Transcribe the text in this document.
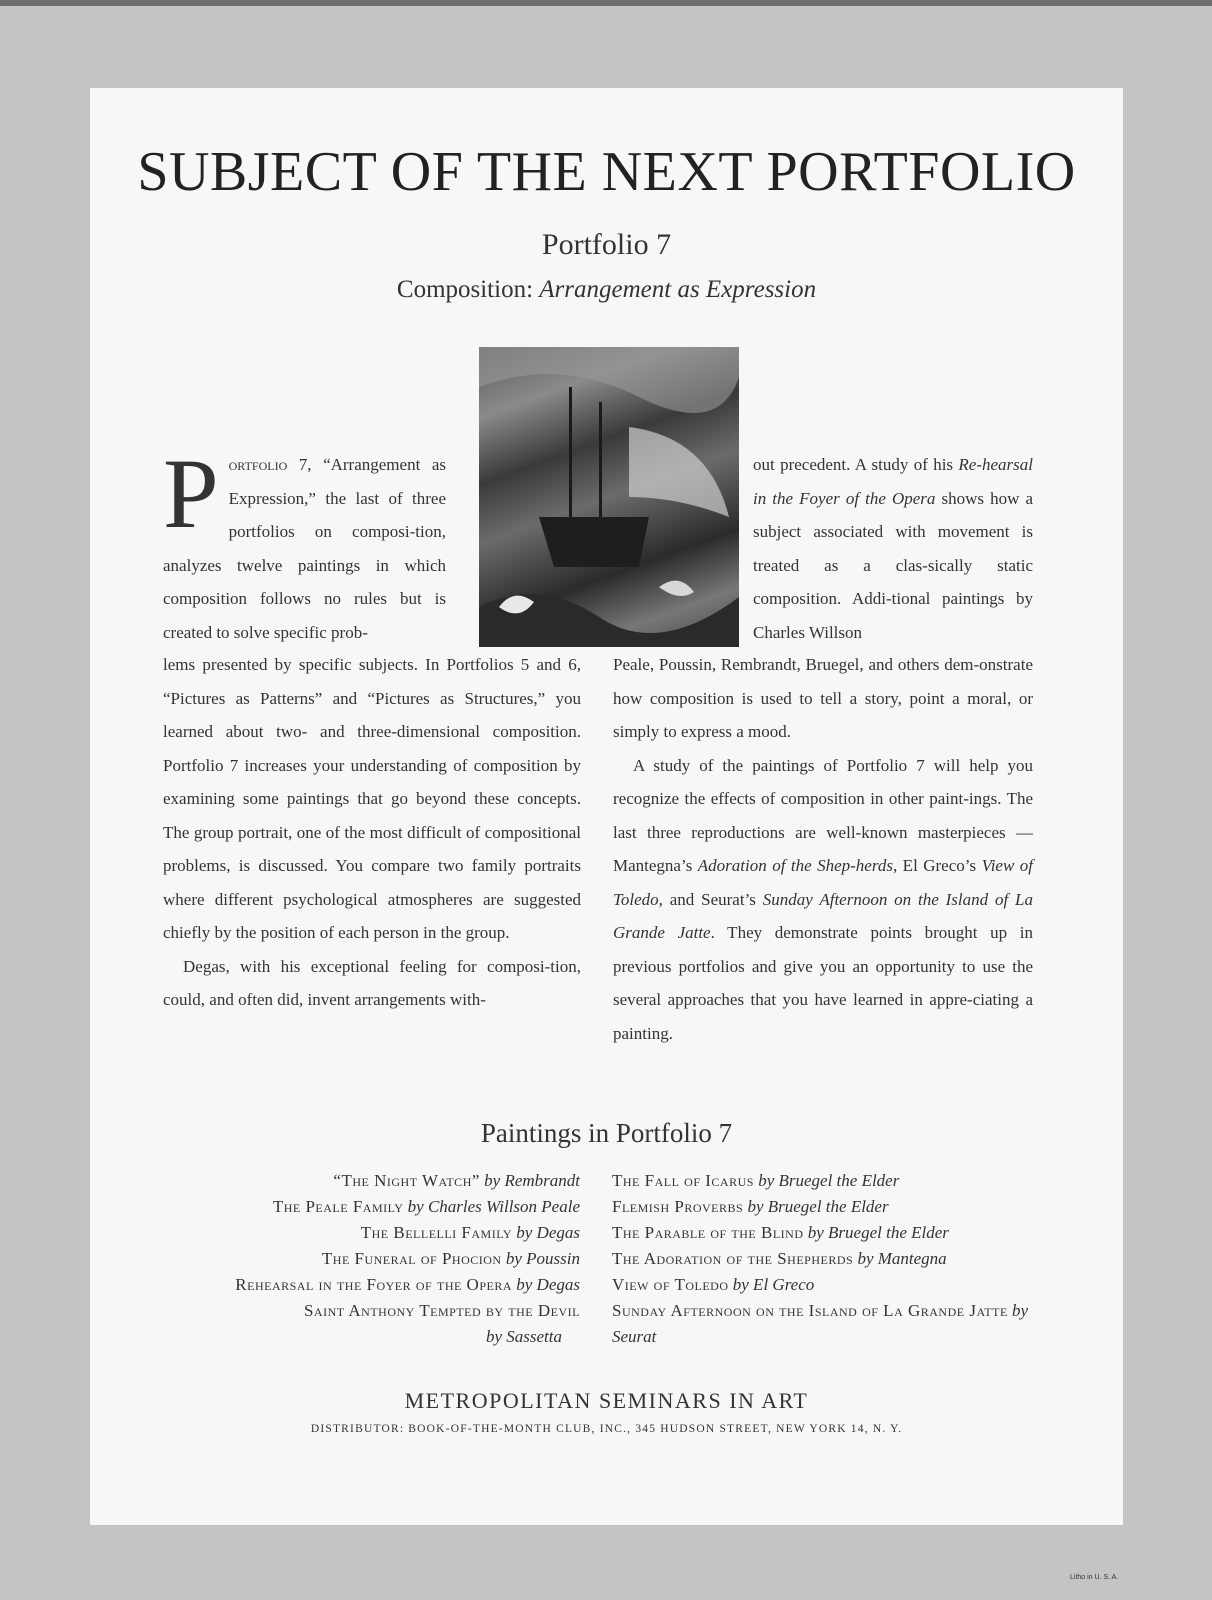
SUBJECT OF THE NEXT PORTFOLIO
Portfolio 7
Composition: Arrangement as Expression
Portfolio 7, “Arrangement as Expression,” the last of three portfolios on composi-tion, analyzes twelve paintings in which composition follows no rules but is created to solve specific prob-
out precedent. A study of his Re-hearsal in the Foyer of the Opera shows how a subject associated with movement is treated as a clas-sically static composition. Addi-tional paintings by Charles Willson
lems presented by specific subjects. In Portfolios 5 and 6, “Pictures as Patterns” and “Pictures as Structures,” you learned about two- and three-dimensional composition. Portfolio 7 increases your understanding of composition by examining some paintings that go beyond these concepts. The group portrait, one of the most difficult of compositional problems, is discussed. You compare two family portraits where different psychological atmospheres are suggested chiefly by the position of each person in the group.
Degas, with his exceptional feeling for composi-tion, could, and often did, invent arrangements with-
Peale, Poussin, Rembrandt, Bruegel, and others dem-onstrate how composition is used to tell a story, point a moral, or simply to express a mood.
A study of the paintings of Portfolio 7 will help you recognize the effects of composition in other paint-ings. The last three reproductions are well-known masterpieces — Mantegna’s Adoration of the Shep-herds, El Greco’s View of Toledo, and Seurat’s Sunday Afternoon on the Island of La Grande Jatte. They demonstrate points brought up in previous portfolios and give you an opportunity to use the several approaches that you have learned in appre-ciating a painting.
Paintings in Portfolio 7
“The Night Watch” by Rembrandt
The Peale Family by Charles Willson Peale
The Bellelli Family by Degas
The Funeral of Phocion by Poussin
Rehearsal in the Foyer of the Opera by Degas
Saint Anthony Tempted by the Devil
by Sassetta
The Fall of Icarus by Bruegel the Elder
Flemish Proverbs by Bruegel the Elder
The Parable of the Blind by Bruegel the Elder
The Adoration of the Shepherds by Mantegna
View of Toledo by El Greco
Sunday Afternoon on the Island of La Grande Jatte by Seurat
METROPOLITAN SEMINARS IN ART
DISTRIBUTOR: BOOK-OF-THE-MONTH CLUB, INC., 345 HUDSON STREET, NEW YORK 14, N. Y.
Litho in U. S. A.
